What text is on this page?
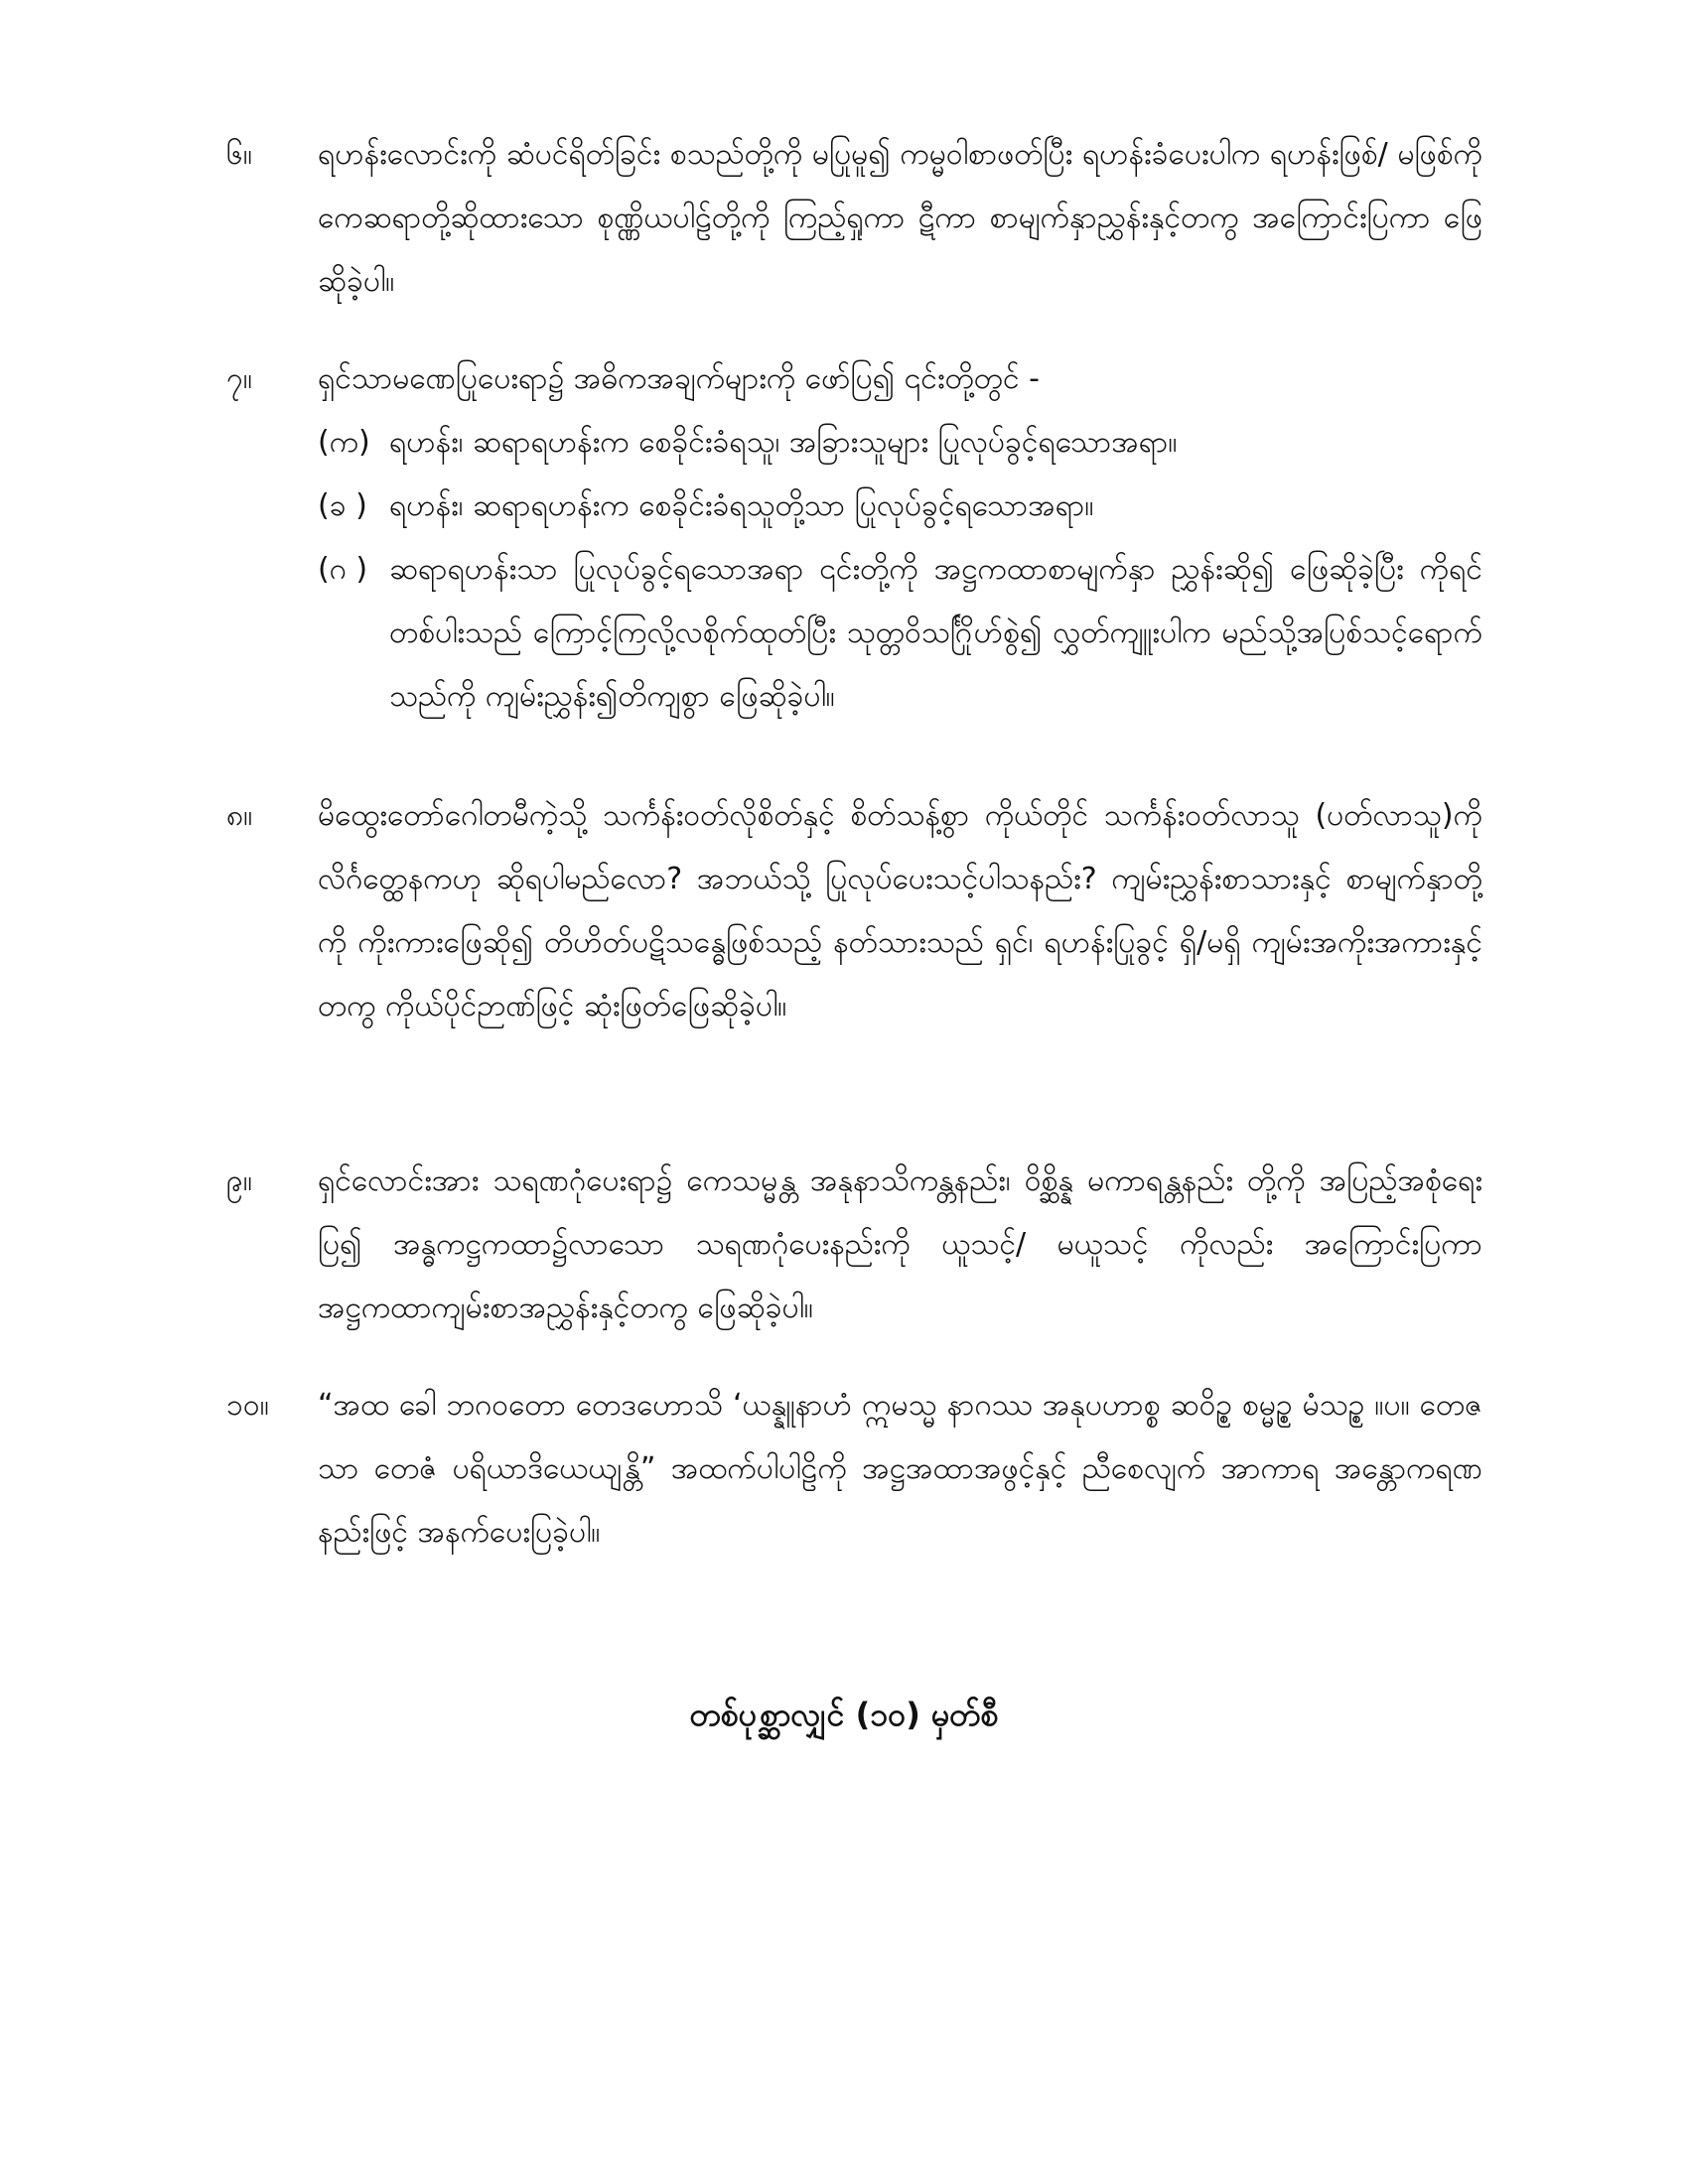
၆။	ရဟန်းလောင်းကို ဆံပင်ရိတ်ခြင်း စသည်တို့ကို မပြုမူ၍ ကမ္မဝါစာဖတ်ပြီး ရဟန်းခံပေးပါက ရဟန်းဖြစ်/ မဖြစ်ကို ကေဆရာတို့ဆိုထားသော စုဏ္ဏိယပါဠ်တို့ကို ကြည့်ရှုကာ ဋီကာ စာမျက်နှာညွှန်းနှင့်တကွ အကြောင်းပြကာ ဖြေဆိုခဲ့ပါ။
၇။	ရှင်သာမဏေပြုပေးရာ၌ အဓိကအချက်များကို ဖော်ပြ၍ ၎င်းတို့တွင် -
(က) ရဟန်း၊ ဆရာရဟန်းက စေခိုင်းခံရသူ၊ အခြားသူများ ပြုလုပ်ခွင့်ရသောအရာ။
(ခ ) ရဟန်း၊ ဆရာရဟန်းက စေခိုင်းခံရသူတို့သာ ပြုလုပ်ခွင့်ရသောအရာ။
(ဂ ) ဆရာရဟန်းသာ ပြုလုပ်ခွင့်ရသောအရာ ၎င်းတို့ကို အဋ္ဌကထာစာမျက်နှာ ညွှန်းဆို၍ ဖြေဆိုခဲ့ပြီး ကိုရင်တစ်ပါးသည် ကြောင့်ကြလို့လစိုက်ထုတ်ပြီး သုတ္တဝိသင်္ဂြိုဟ်စွဲ၍ လွှတ်ကျူးပါက မည်သို့အပြစ်သင့်ရောက်သည်ကို ကျမ်းညွှန်း၍တိကျစွာ ဖြေဆိုခဲ့ပါ။
၈။	မိထွေးတော်ဂေါတမီကဲ့သို့ သင်္ကန်းဝတ်လိုစိတ်နှင့် စိတ်သန့်စွာ ကိုယ်တိုင် သင်္ကန်းဝတ်လာသူ (ပတ်လာသူ)ကို လိင်္ဂတ္ထေနကဟု ဆိုရပါမည်လော? အဘယ်သို့ ပြုလုပ်ပေးသင့်ပါသနည်း? ကျမ်းညွှန်းစာသားနှင့် စာမျက်နှာတို့ကို ကိုးကားဖြေဆို၍ တိဟိတ်ပဋိသန္ဓေဖြစ်သည့် နတ်သားသည် ရှင်၊ ရဟန်းပြုခွင့် ရှိ/မရှိ ကျမ်းအကိုးအကားနှင့်တကွ ကိုယ်ပိုင်ဉာဏ်ဖြင့် ဆုံးဖြတ်ဖြေဆိုခဲ့ပါ။
၉။	ရှင်လောင်းအား သရဏဂုံပေးရာ၌ ကေသမ္မန္တ အနုနာသိကန္တနည်း၊ ဝိစ္ဆိန္န မကာရန္တနည်း တို့ကို အပြည့်အစုံရေးပြ၍ အန္ဓကဋ္ဌကထာ၌လာသော သရဏဂုံပေးနည်းကို ယူသင့်/ မယူသင့် ကိုလည်း အကြောင်းပြကာ အဋ္ဌကထာကျမ်းစာအညွှန်းနှင့်တကွ ဖြေဆိုခဲ့ပါ။
၁၀။	“အထ ခေါ ဘဂဝတော တေဒဟောသိ ‘ယန္နူနာဟံ ဣမသ္မ နာဂဿ အနုပဟာစ္စ ဆဝိဉ္စ စမ္မဉ္စ မံသဉ္စ ။ပ။ တေဇသာ တေဇံ ပရိယာဒိယေယျန္တိ” အထက်ပါပါဠိကို အဋ္ဌအထာအဖွင့်နှင့် ညီစေလျက် အာကာရ အန္တောကရဏနည်းဖြင့် အနက်ပေးပြခဲ့ပါ။
တစ်ပုစ္ဆာလျှင် (၁၀) မှတ်စီ
